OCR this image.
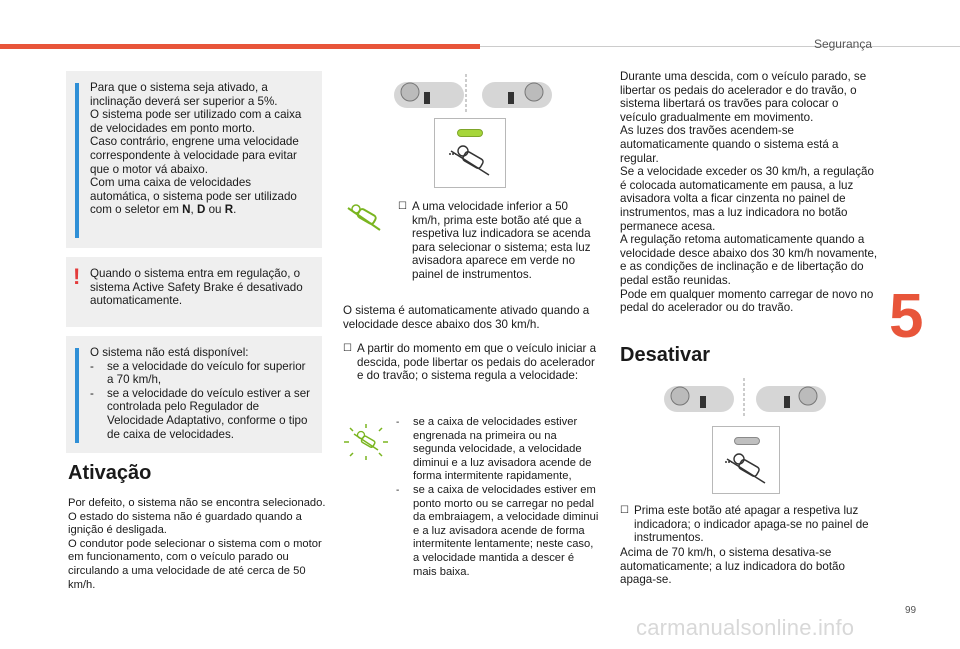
Segurança
5
99
carmanualsonline.info

Para que o sistema seja ativado, a inclinação deverá ser superior a 5%.

O sistema pode ser utilizado com a caixa de velocidades em ponto morto.

Caso contrário, engrene uma velocidade correspondente à velocidade para evitar que o motor vá abaixo.

Com uma caixa de velocidades automática, o sistema pode ser utilizado com o seletor em N, D ou R.

! Quando o sistema entra em regulação, o sistema Active Safety Brake é desativado automaticamente.

O sistema não está disponível:

-	se a velocidade do veículo for superior a 70 km/h,
-	se a velocidade do veículo estiver a ser controlada pelo Regulador de Velocidade Adaptativo, conforme o tipo de caixa de velocidades.
Ativação

Por defeito, o sistema não se encontra selecionado.

O estado do sistema não é guardado quando a ignição é desligada.

O condutor pode selecionar o sistema com o motor em funcionamento, com o veículo parado ou circulando a uma velocidade de até cerca de 50 km/h.

☐ A uma velocidade inferior a 50 km/h, prima este botão até que a respetiva luz indicadora se acenda para selecionar o sistema; esta luz avisadora aparece em verde no painel de instrumentos.
O sistema é automaticamente ativado quando a velocidade desce abaixo dos 30 km/h.
☐ A partir do momento em que o veículo iniciar a descida, pode libertar os pedais do acelerador e do travão; o sistema regula a velocidade:
-	se a caixa de velocidades estiver engrenada na primeira ou na segunda velocidade, a velocidade diminui e a luz avisadora acende de forma intermitente rapidamente,
-	se a caixa de velocidades estiver em ponto morto ou se carregar no pedal da embraiagem, a velocidade diminui e a luz avisadora acende de forma intermitente lentamente; neste caso, a velocidade mantida a descer é mais baixa.

Durante uma descida, com o veículo parado, se libertar os pedais do acelerador e do travão, o sistema libertará os travões para colocar o veículo gradualmente em movimento.

As luzes dos travões acendem-se automaticamente quando o sistema está a regular.

Se a velocidade exceder os 30 km/h, a regulação é colocada automaticamente em pausa, a luz avisadora volta a ficar cinzenta no painel de instrumentos, mas a luz indicadora no botão permanece acesa.

A regulação retoma automaticamente quando a velocidade desce abaixo dos 30 km/h novamente, e as condições de inclinação e de libertação do pedal estão reunidas.

Pode em qualquer momento carregar de novo no pedal do acelerador ou do travão.

Desativar
☐ Prima este botão até apagar a respetiva luz indicadora; o indicador apaga-se no painel de instrumentos.
Acima de 70 km/h, o sistema desativa-se automaticamente; a luz indicadora do botão apaga-se.
